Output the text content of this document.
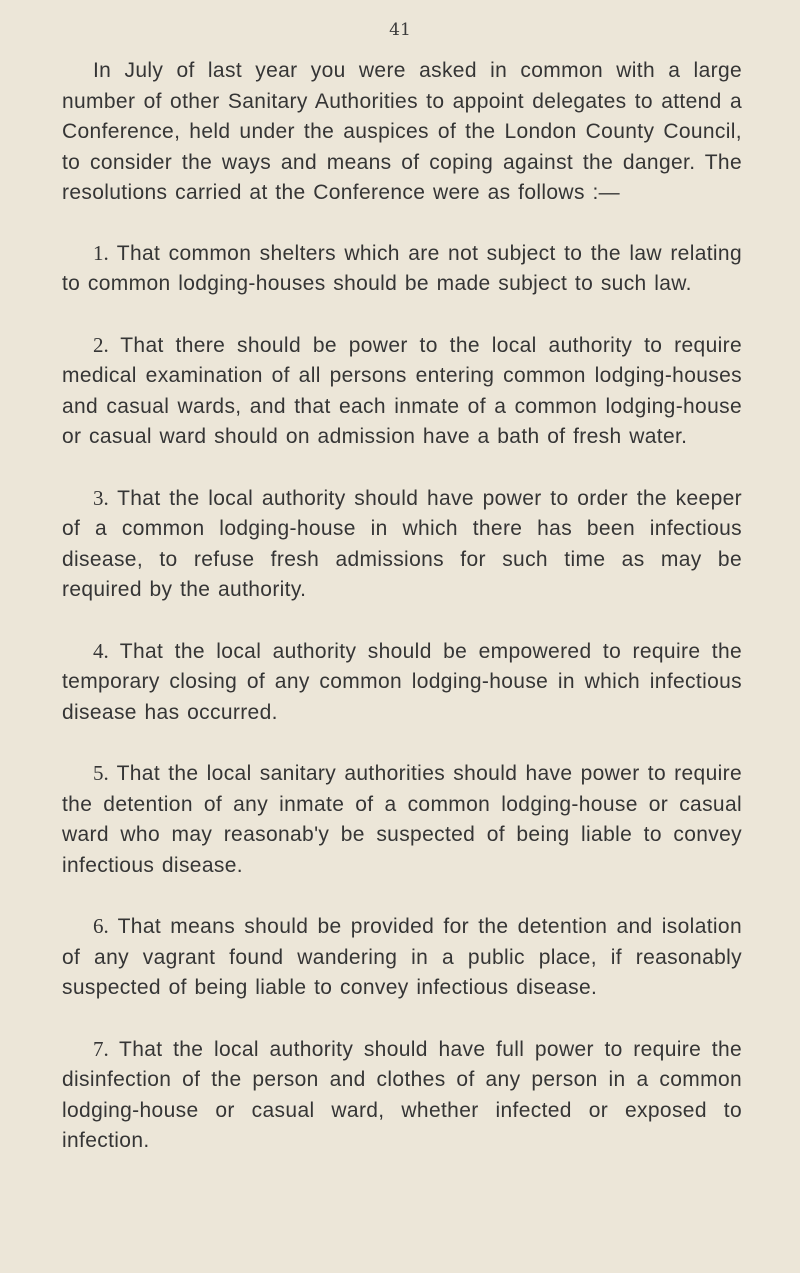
41

In July of last year you were asked in common with a large number of other Sanitary Authorities to appoint delegates to attend a Conference, held under the auspices of the London County Council, to consider the ways and means of coping against the danger. The resolutions carried at the Conference were as follows :—

1. That common shelters which are not subject to the law relating to common lodging-houses should be made subject to such law.

2. That there should be power to the local authority to require medical examination of all persons entering common lodging-houses and casual wards, and that each inmate of a common lodging-house or casual ward should on admission have a bath of fresh water.

3. That the local authority should have power to order the keeper of a common lodging-house in which there has been infectious disease, to refuse fresh admissions for such time as may be required by the authority.

4. That the local authority should be empowered to require the temporary closing of any common lodging-house in which infectious disease has occurred.

5. That the local sanitary authorities should have power to require the detention of any inmate of a common lodging-house or casual ward who may reasonab'y be suspected of being liable to convey infectious disease.

6. That means should be provided for the detention and isolation of any vagrant found wandering in a public place, if reasonably suspected of being liable to convey infectious disease.

7. That the local authority should have full power to require the disinfection of the person and clothes of any person in a common lodging-house or casual ward, whether infected or exposed to infection.
